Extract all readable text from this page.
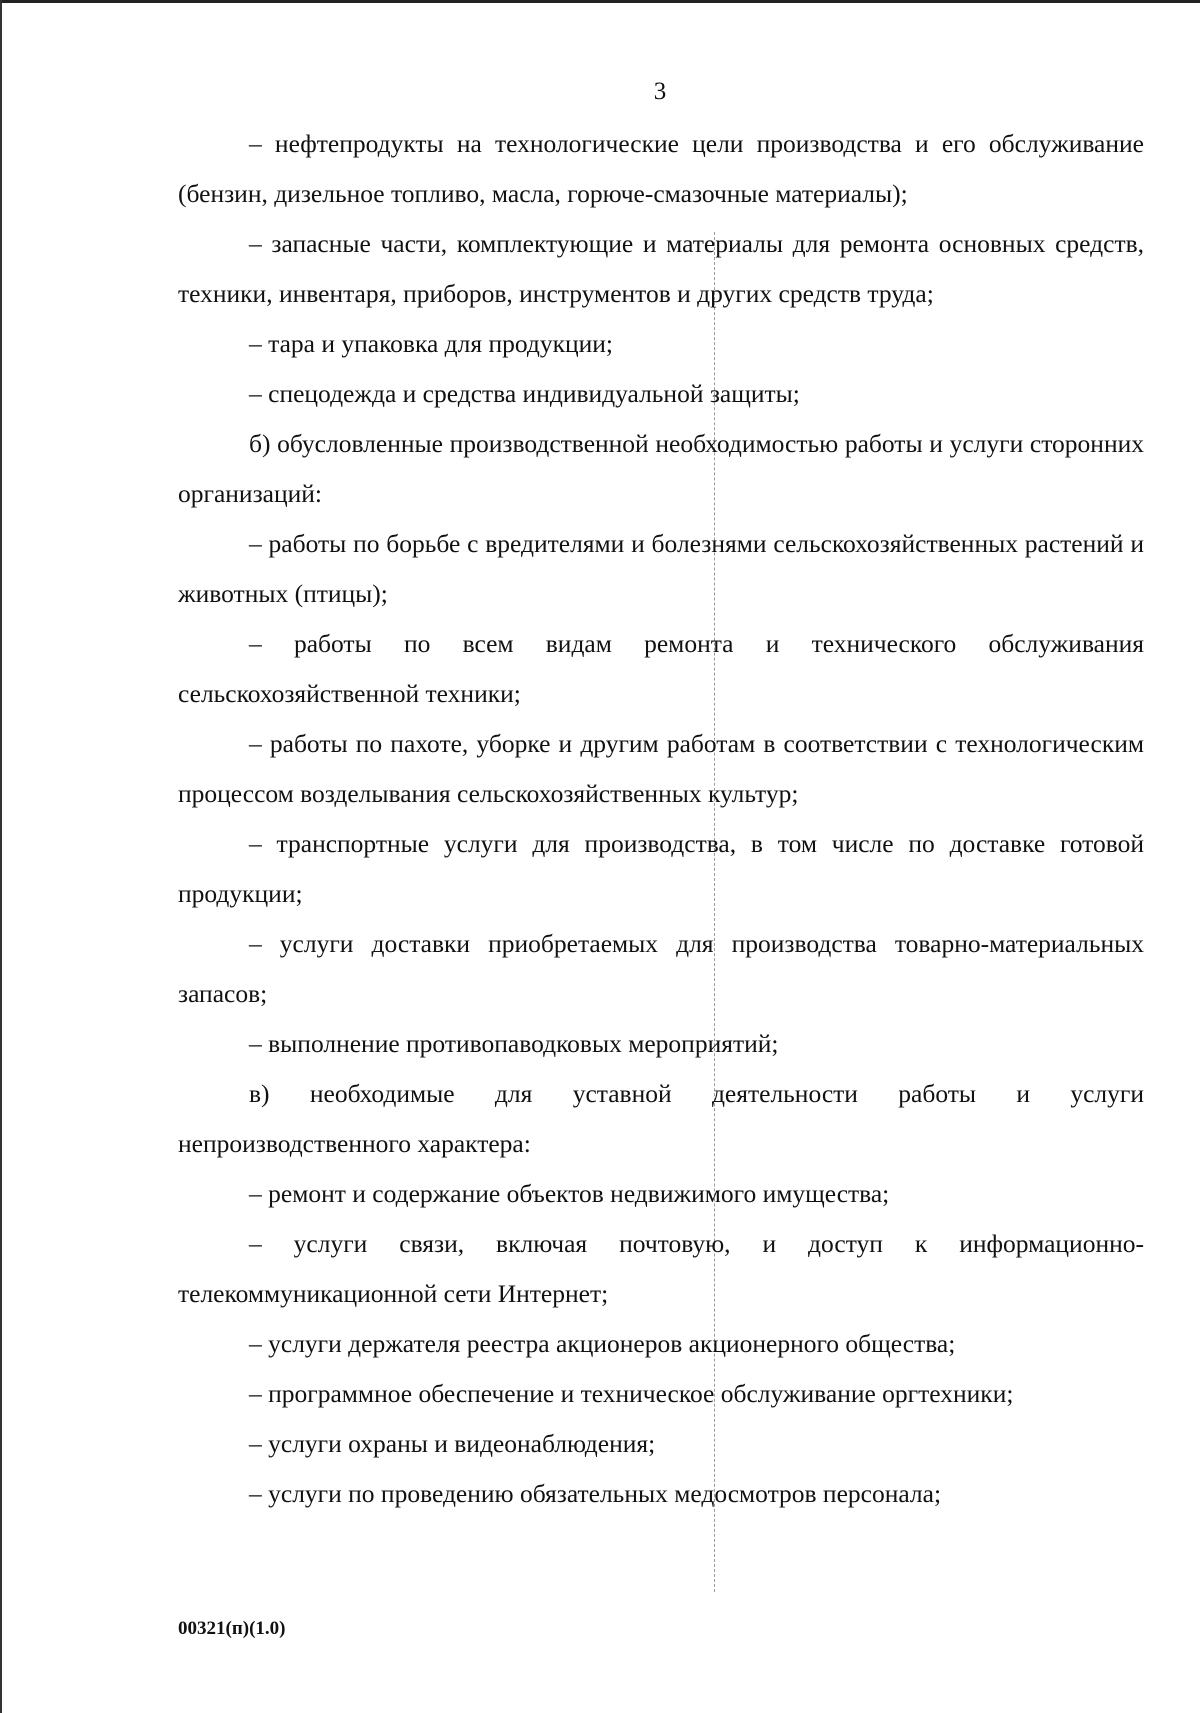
3

– нефтепродукты на технологические цели производства и его обслуживание (бензин, дизельное топливо, масла, горюче-смазочные материалы);

– запасные части, комплектующие и материалы для ремонта основных средств, техники, инвентаря, приборов, инструментов и других средств труда;

– тара и упаковка для продукции;

– спецодежда и средства индивидуальной защиты;

б) обусловленные производственной необходимостью работы и услуги сторонних организаций:

– работы по борьбе с вредителями и болезнями сельскохозяйственных растений и животных (птицы);

– работы по всем видам ремонта и технического обслуживания сельскохозяйственной техники;

– работы по пахоте, уборке и другим работам в соответствии с технологическим процессом возделывания сельскохозяйственных культур;

– транспортные услуги для производства, в том числе по доставке готовой продукции;

– услуги доставки приобретаемых для производства товарно-материальных запасов;

– выполнение противопаводковых мероприятий;

в) необходимые для уставной деятельности работы и услуги непроизводственного характера:

– ремонт и содержание объектов недвижимого имущества;

– услуги связи, включая почтовую, и доступ к информационно-телекоммуникационной сети Интернет;

– услуги держателя реестра акционеров акционерного общества;

– программное обеспечение и техническое обслуживание оргтехники;

– услуги охраны и видеонаблюдения;

– услуги по проведению обязательных медосмотров персонала;

00321(п)(1.0)
